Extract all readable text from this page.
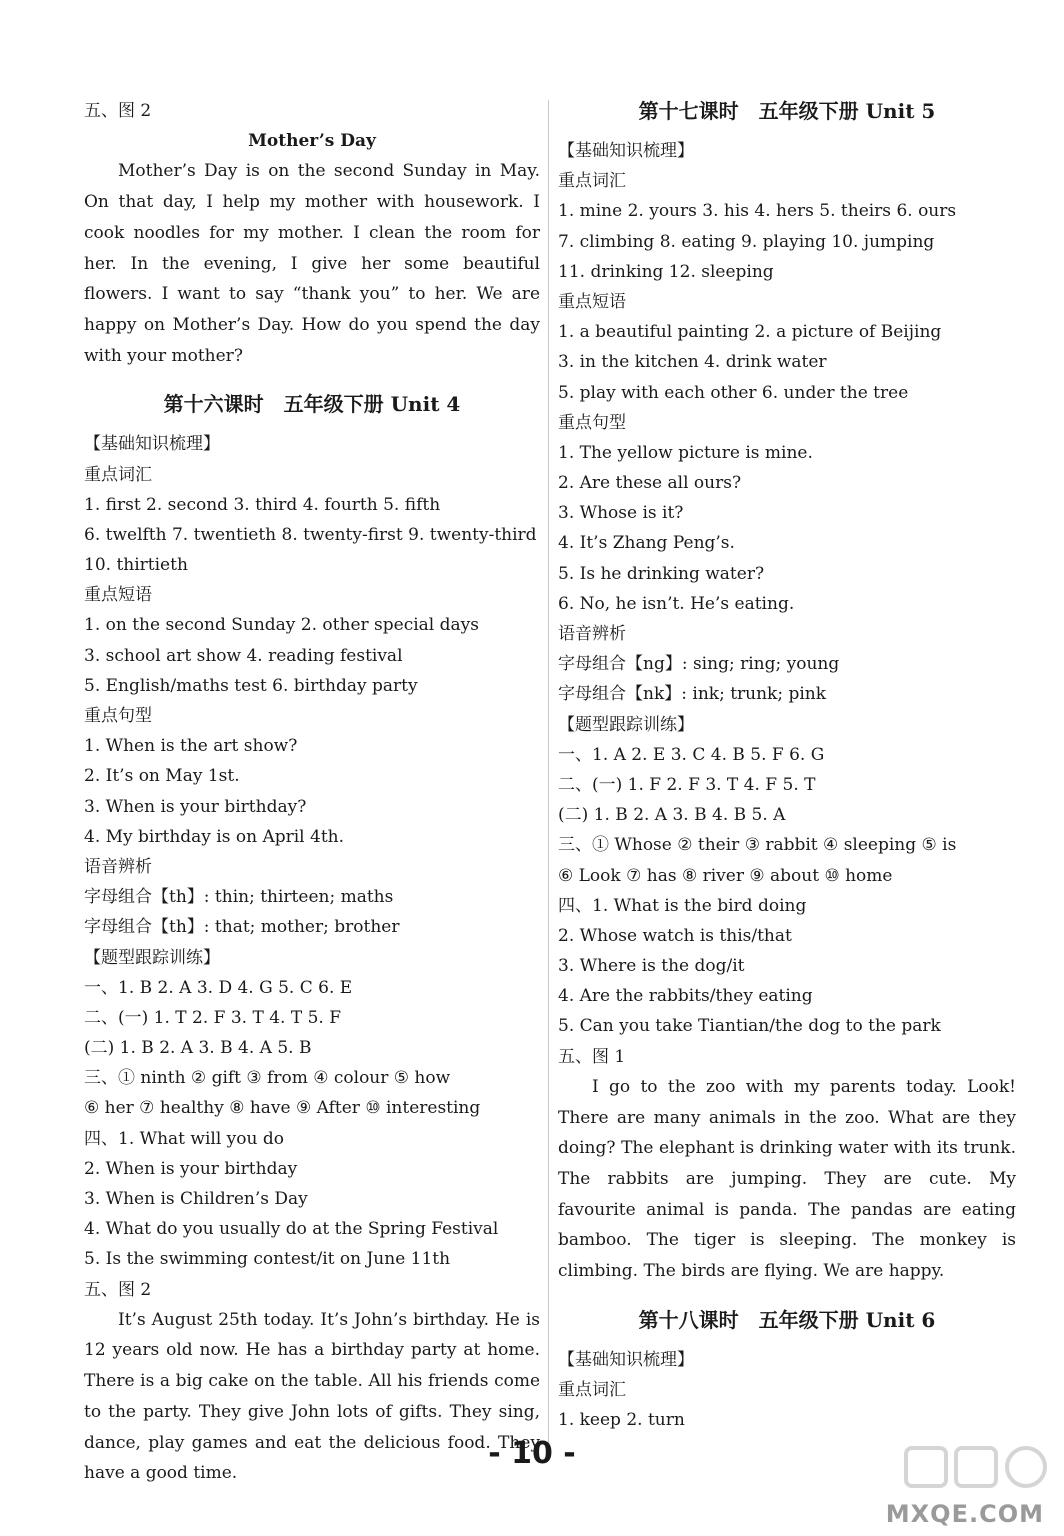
五、图 2
Mother’s Day
Mother’s Day is on the second Sunday in May. On that day, I help my mother with housework. I cook noodles for my mother. I clean the room for her. In the evening, I give her some beautiful flowers. I want to say “thank you” to her. We are happy on Mother’s Day. How do you spend the day with your mother?
第十六课时　五年级下册 Unit 4
【基础知识梳理】
重点词汇
1. first 2. second 3. third 4. fourth 5. fifth
6. twelfth 7. twentieth 8. twenty-first 9. twenty-third
10. thirtieth
重点短语
1. on the second Sunday 2. other special days
3. school art show 4. reading festival
5. English/maths test 6. birthday party
重点句型
1. When is the art show?
2. It’s on May 1st.
3. When is your birthday?
4. My birthday is on April 4th.
语音辨析
字母组合【th】: thin; thirteen; maths
字母组合【th】: that; mother; brother
【题型跟踪训练】
一、1. B 2. A 3. D 4. G 5. C 6. E
二、(一) 1. T 2. F 3. T 4. T 5. F
(二) 1. B 2. A 3. B 4. A 5. B
三、① ninth ② gift ③ from ④ colour ⑤ how
⑥ her ⑦ healthy ⑧ have ⑨ After ⑩ interesting
四、1. What will you do
2. When is your birthday
3. When is Children’s Day
4. What do you usually do at the Spring Festival
5. Is the swimming contest/it on June 11th
五、图 2
It’s August 25th today. It’s John’s birthday. He is 12 years old now. He has a birthday party at home. There is a big cake on the table. All his friends come to the party. They give John lots of gifts. They sing, dance, play games and eat the delicious food. They have a good time.
第十七课时　五年级下册 Unit 5
【基础知识梳理】
重点词汇
1. mine 2. yours 3. his 4. hers 5. theirs 6. ours
7. climbing 8. eating 9. playing 10. jumping
11. drinking 12. sleeping
重点短语
1. a beautiful painting 2. a picture of Beijing
3. in the kitchen 4. drink water
5. play with each other 6. under the tree
重点句型
1. The yellow picture is mine.
2. Are these all ours?
3. Whose is it?
4. It’s Zhang Peng’s.
5. Is he drinking water?
6. No, he isn’t. He’s eating.
语音辨析
字母组合【ng】: sing; ring; young
字母组合【nk】: ink; trunk; pink
【题型跟踪训练】
一、1. A 2. E 3. C 4. B 5. F 6. G
二、(一) 1. F 2. F 3. T 4. F 5. T
(二) 1. B 2. A 3. B 4. B 5. A
三、① Whose ② their ③ rabbit ④ sleeping ⑤ is
⑥ Look ⑦ has ⑧ river ⑨ about ⑩ home
四、1. What is the bird doing
2. Whose watch is this/that
3. Where is the dog/it
4. Are the rabbits/they eating
5. Can you take Tiantian/the dog to the park
五、图 1
I go to the zoo with my parents today. Look! There are many animals in the zoo. What are they doing? The elephant is drinking water with its trunk. The rabbits are jumping. They are cute. My favourite animal is panda. The pandas are eating bamboo. The tiger is sleeping. The monkey is climbing. The birds are flying. We are happy.
第十八课时　五年级下册 Unit 6
【基础知识梳理】
重点词汇
1. keep 2. turn
- 10 -
MXQE.COM
